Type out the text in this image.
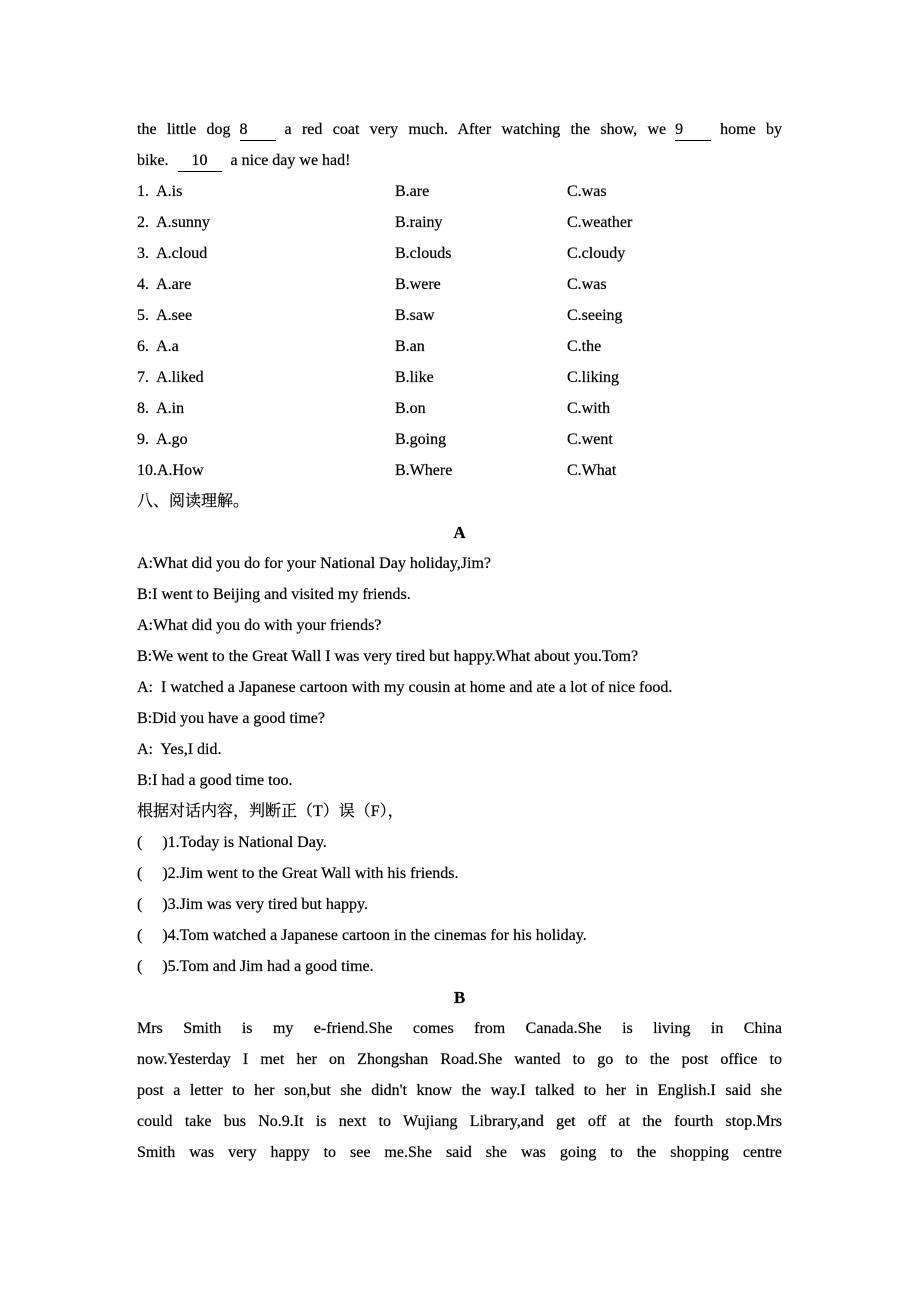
the little dog 8 a red coat very much. After watching the show, we 9 home by

bike. 10 a nice day we had!

1.  A.is	B.are	C.was
2.  A.sunny	B.rainy	C.weather
3.  A.cloud	B.clouds	C.cloudy
4.  A.are	B.were	C.was
5.  A.see	B.saw	C.seeing
6.  A.a	B.an	C.the
7.  A.liked	B.like	C.liking
8.  A.in	B.on	C.with
9.  A.go	B.going	C.went
10.A.How	B.Where	C.What

八、阅读理解。

A

A:What did you do for your National Day holiday,Jim?

B:I went to Beijing and visited my friends.

A:What did you do with your friends?

B:We went to the Great Wall I was very tired but happy.What about you.Tom?

A:  I watched a Japanese cartoon with my cousin at home and ate a lot of nice food.

B:Did you have a good time?

A:  Yes,I did.

B:I had a good time too.

根据对话内容，判断正（T）误（F），

(     )1.Today is National Day.

(     )2.Jim went to the Great Wall with his friends.

(     )3.Jim was very tired but happy.

(     )4.Tom watched a Japanese cartoon in the cinemas for his holiday.

(     )5.Tom and Jim had a good time.

B

Mrs Smith is my e-friend.She comes from Canada.She is living in China

now.Yesterday I met her on Zhongshan Road.She wanted to go to the post office to

post a letter to her son,but she didn't know the way.I talked to her in English.I said she

could take bus No.9.It is next to Wujiang Library,and get off at the fourth stop.Mrs

Smith was very happy to see me.She said she was going to the shopping centre
